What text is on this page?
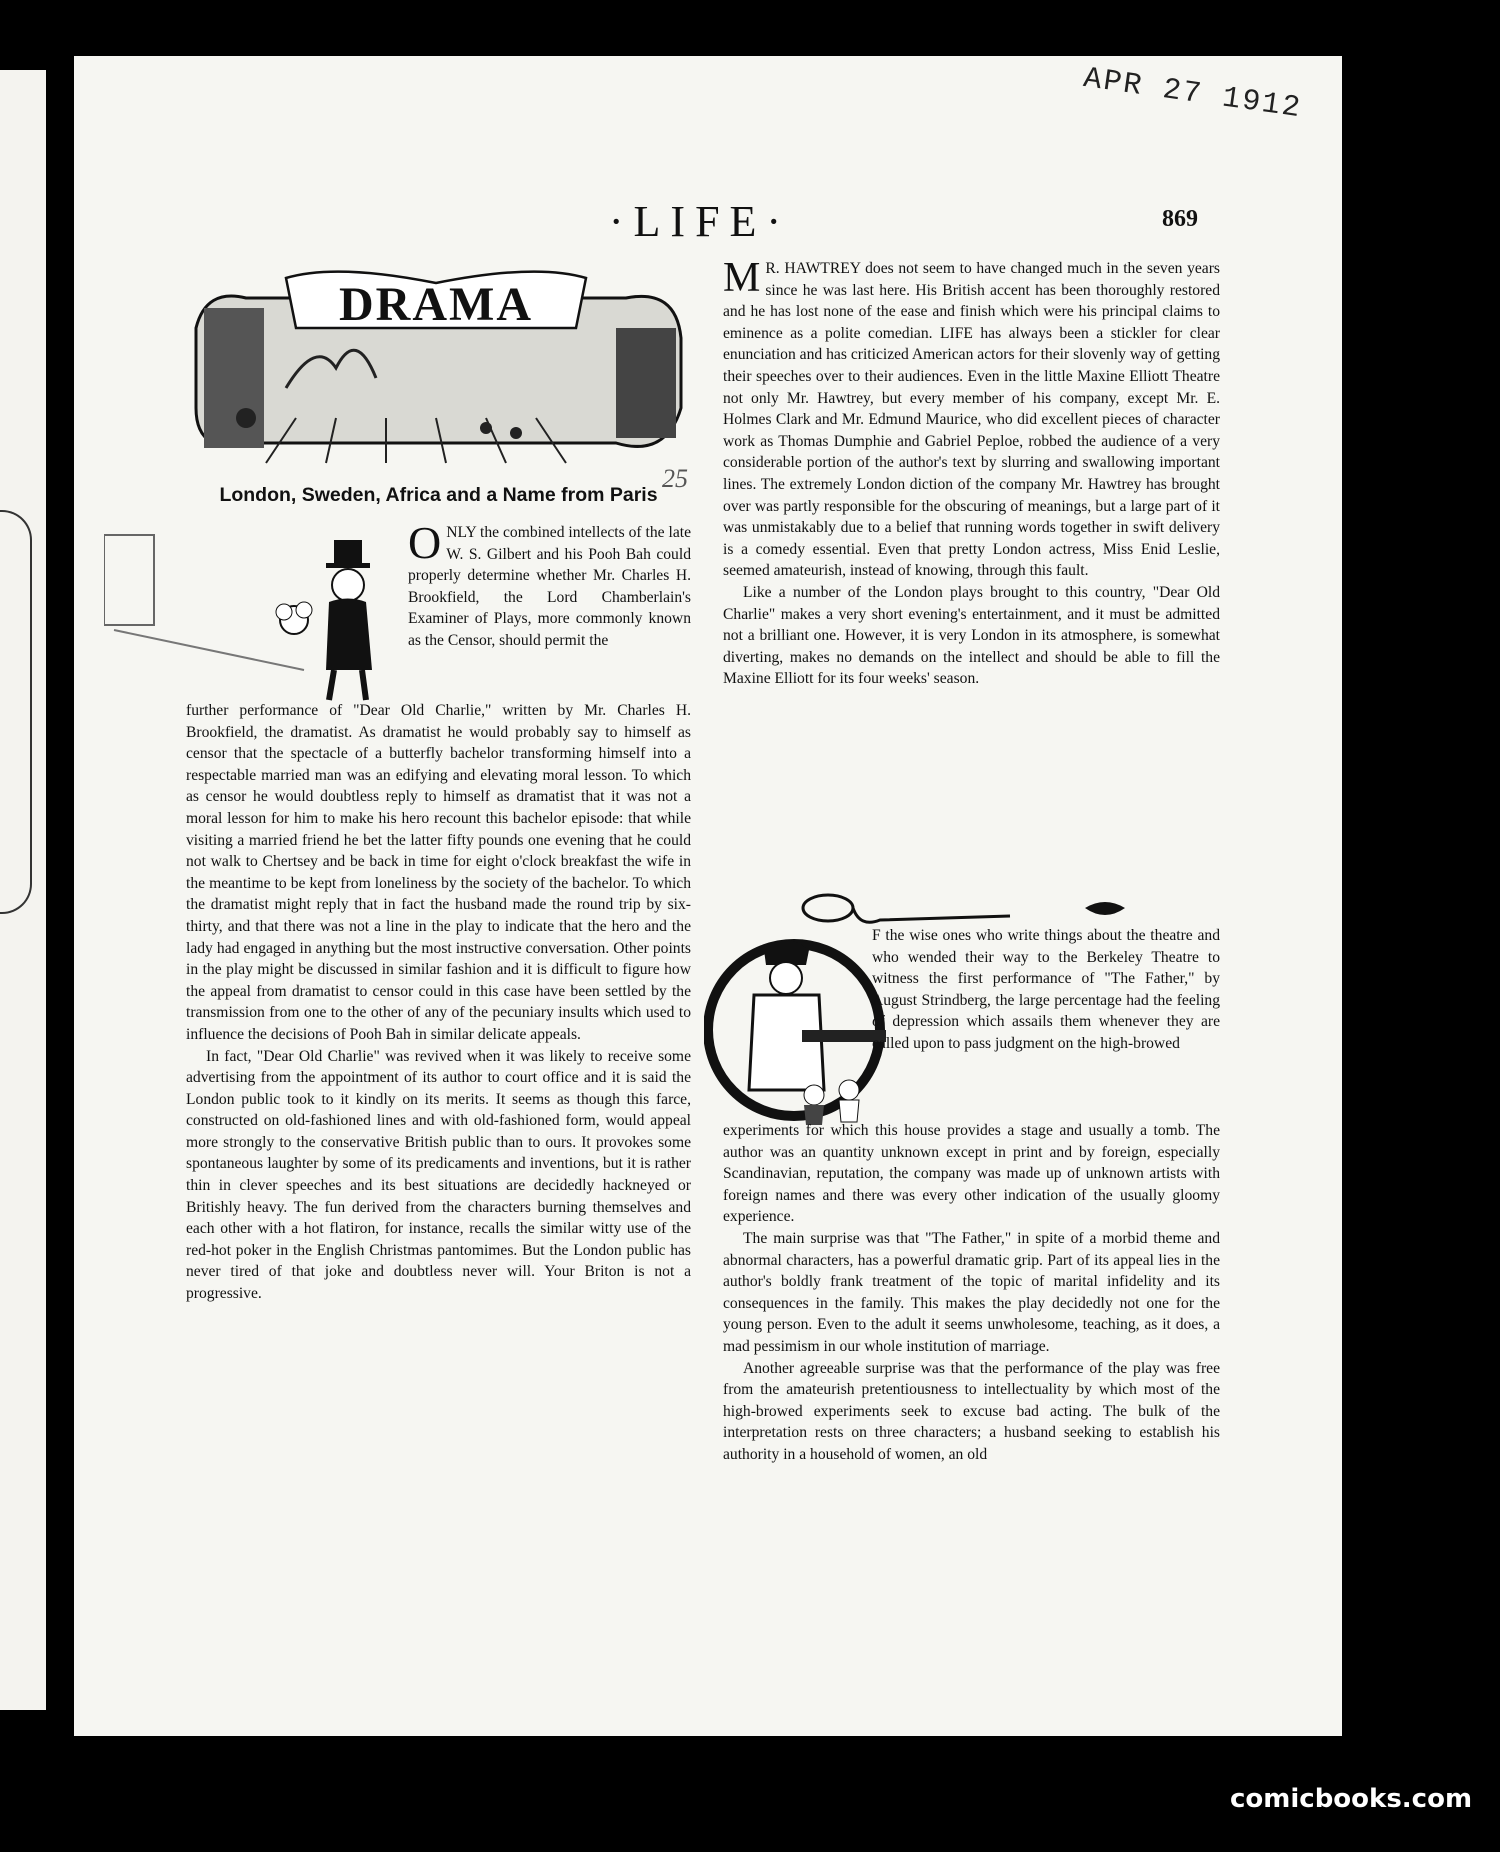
APR 27 1912
·LIFE·	869
DRAMA
London, Sweden, Africa and a Name from Paris
25
ONLY the combined intellects of the late W. S. Gilbert and his Pooh Bah could properly determine whether Mr. Charles H. Brookfield, the Lord Chamberlain's Examiner of Plays, more commonly known as the Censor, should permit the

further performance of "Dear Old Charlie," written by Mr. Charles H. Brookfield, the dramatist. As dramatist he would probably say to himself as censor that the spectacle of a butterfly bachelor transforming himself into a respectable married man was an edifying and elevating moral lesson. To which as censor he would doubtless reply to himself as dramatist that it was not a moral lesson for him to make his hero recount this bachelor episode: that while visiting a married friend he bet the latter fifty pounds one evening that he could not walk to Chertsey and be back in time for eight o'clock breakfast the wife in the meantime to be kept from loneliness by the society of the bachelor. To which the dramatist might reply that in fact the husband made the round trip by six-thirty, and that there was not a line in the play to indicate that the hero and the lady had engaged in anything but the most instructive conversation. Other points in the play might be discussed in similar fashion and it is difficult to figure how the appeal from dramatist to censor could in this case have been settled by the transmission from one to the other of any of the pecuniary insults which used to influence the decisions of Pooh Bah in similar delicate appeals.

In fact, "Dear Old Charlie" was revived when it was likely to receive some advertising from the appointment of its author to court office and it is said the London public took to it kindly on its merits. It seems as though this farce, constructed on old-fashioned lines and with old-fashioned form, would appeal more strongly to the conservative British public than to ours. It provokes some spontaneous laughter by some of its predicaments and inventions, but it is rather thin in clever speeches and its best situations are decidedly hackneyed or Britishly heavy. The fun derived from the characters burning themselves and each other with a hot flatiron, for instance, recalls the similar witty use of the red-hot poker in the English Christmas pantomimes. But the London public has never tired of that joke and doubtless never will. Your Briton is not a progressive.

M R. HAWTREY does not seem to have changed much in the seven years since he was last here. His British accent has been thoroughly restored and he has lost none of the ease and finish which were his principal claims to eminence as a polite comedian. LIFE has always been a stickler for clear enunciation and has criticized American actors for their slovenly way of getting their speeches over to their audiences. Even in the little Maxine Elliott Theatre not only Mr. Hawtrey, but every member of his company, except Mr. E. Holmes Clark and Mr. Edmund Maurice, who did excellent pieces of character work as Thomas Dumphie and Gabriel Peploe, robbed the audience of a very considerable portion of the author's text by slurring and swallowing important lines. The extremely London diction of the company Mr. Hawtrey has brought over was partly responsible for the obscuring of meanings, but a large part of it was unmistakably due to a belief that running words together in swift delivery is a comedy essential. Even that pretty London actress, Miss Enid Leslie, seemed amateurish, instead of knowing, through this fault.

Like a number of the London plays brought to this country, "Dear Old Charlie" makes a very short evening's entertainment, and it must be admitted not a brilliant one. However, it is very London in its atmosphere, is somewhat diverting, makes no demands on the intellect and should be able to fill the Maxine Elliott for its four weeks' season.

F the wise ones who write things about the theatre and who wended their way to the Berkeley Theatre to witness the first performance of "The Father," by August Strindberg, the large percentage had the feeling of depression which assails them whenever they are called upon to pass judgment on the high-browed

experiments for which this house provides a stage and usually a tomb. The author was an quantity unknown except in print and by foreign, especially Scandinavian, reputation, the company was made up of unknown artists with foreign names and there was every other indication of the usually gloomy experience.

The main surprise was that "The Father," in spite of a morbid theme and abnormal characters, has a powerful dramatic grip. Part of its appeal lies in the author's boldly frank treatment of the topic of marital infidelity and its consequences in the family. This makes the play decidedly not one for the young person. Even to the adult it seems unwholesome, teaching, as it does, a mad pessimism in our whole institution of marriage.

Another agreeable surprise was that the performance of the play was free from the amateurish pretentiousness to intellectuality by which most of the high-browed experiments seek to excuse bad acting. The bulk of the interpretation rests on three characters; a husband seeking to establish his authority in a household of women, an old

comicbooks.com
